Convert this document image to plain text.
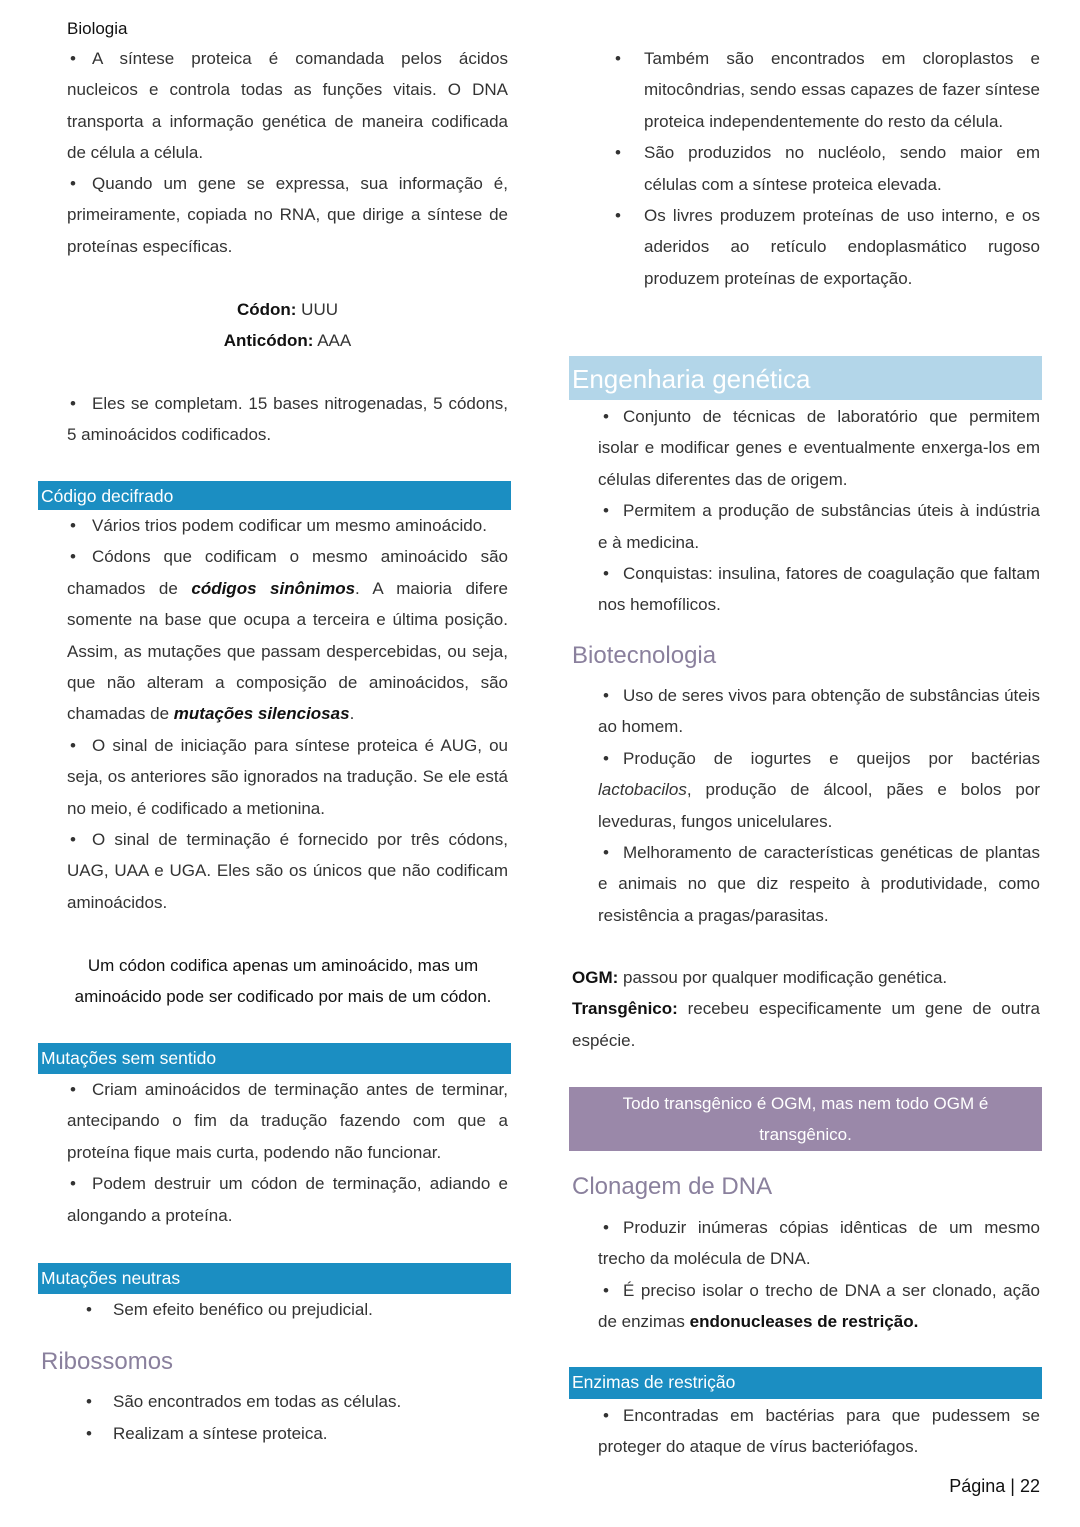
Biologia

• A síntese proteica é comandada pelos ácidos nucleicos e controla todas as funções vitais. O DNA transporta a informação genética de maneira codificada de célula a célula.

• Quando um gene se expressa, sua informação é, primeiramente, copiada no RNA, que dirige a síntese de proteínas específicas.

Códon: UUU
Anticódon: AAA

• Eles se completam. 15 bases nitrogenadas, 5 códons, 5 aminoácidos codificados.

Código decifrado
• Vários trios podem codificar um mesmo aminoácido.
• Códons que codificam o mesmo aminoácido são chamados de códigos sinônimos. A maioria difere somente na base que ocupa a terceira e última posição. Assim, as mutações que passam despercebidas, ou seja, que não alteram a composição de aminoácidos, são chamadas de mutações silenciosas.
• O sinal de iniciação para síntese proteica é AUG, ou seja, os anteriores são ignorados na tradução. Se ele está no meio, é codificado a metionina.
• O sinal de terminação é fornecido por três códons, UAG, UAA e UGA. Eles são os únicos que não codificam aminoácidos.

Um códon codifica apenas um aminoácido, mas um aminoácido pode ser codificado por mais de um códon.

Mutações sem sentido
• Criam aminoácidos de terminação antes de terminar, antecipando o fim da tradução fazendo com que a proteína fique mais curta, podendo não funcionar.
• Podem destruir um códon de terminação, adiando e alongando a proteína.
Mutações neutras
• Sem efeito benéfico ou prejudicial.
Ribossomos
• São encontrados em todas as células.
• Realizam a síntese proteica.
• Também são encontrados em cloroplastos e mitocôndrias, sendo essas capazes de fazer síntese proteica independentemente do resto da célula.
• São produzidos no nucléolo, sendo maior em células com a síntese proteica elevada.
• Os livres produzem proteínas de uso interno, e os aderidos ao retículo endoplasmático rugoso produzem proteínas de exportação.
Engenharia genética
• Conjunto de técnicas de laboratório que permitem isolar e modificar genes e eventualmente enxerga-los em células diferentes das de origem.
• Permitem a produção de substâncias úteis à indústria e à medicina.
• Conquistas: insulina, fatores de coagulação que faltam nos hemofílicos.
Biotecnologia
• Uso de seres vivos para obtenção de substâncias úteis ao homem.
• Produção de iogurtes e queijos por bactérias lactobacilos, produção de álcool, pães e bolos por leveduras, fungos unicelulares.
• Melhoramento de características genéticas de plantas e animais no que diz respeito à produtividade, como resistência a pragas/parasitas.
OGM: passou por qualquer modificação genética.
Transgênico: recebeu especificamente um gene de outra espécie.
Todo transgênico é OGM, mas nem todo OGM é transgênico.
Clonagem de DNA
• Produzir inúmeras cópias idênticas de um mesmo trecho da molécula de DNA.
• É preciso isolar o trecho de DNA a ser clonado, ação de enzimas endonucleases de restrição.
Enzimas de restrição
• Encontradas em bactérias para que pudessem se proteger do ataque de vírus bacteriófagos.
Página | 22
